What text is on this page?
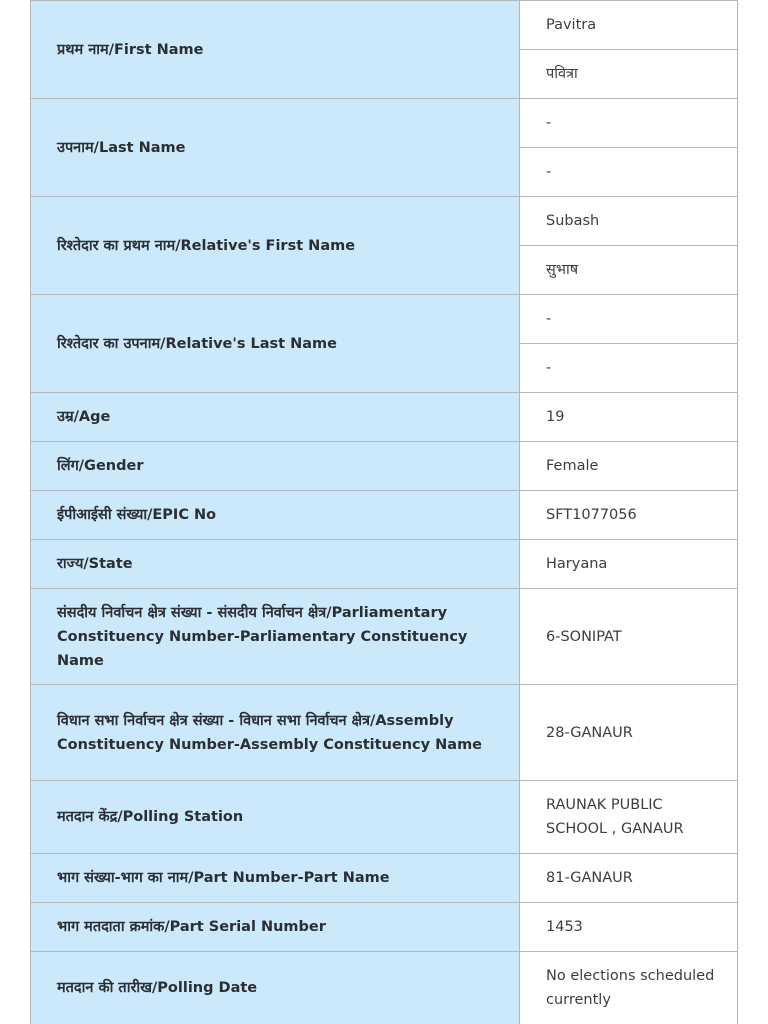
प्रथम नाम/First Name	Pavitra
	पवित्रा
उपनाम/Last Name	-
	-
रिश्तेदार का प्रथम नाम/Relative's First Name	Subash
	सुभाष
रिश्तेदार का उपनाम/Relative's Last Name	-
	-
उम्र/Age	19
लिंग/Gender	Female
ईपीआईसी संख्या/EPIC No	SFT1077056
राज्य/State	Haryana
संसदीय निर्वाचन क्षेत्र संख्या - संसदीय निर्वाचन क्षेत्र/Parliamentary Constituency Number-Parliamentary Constituency Name	6-SONIPAT
विधान सभा निर्वाचन क्षेत्र संख्या - विधान सभा निर्वाचन क्षेत्र/Assembly Constituency Number-Assembly Constituency Name	28-GANAUR
मतदान केंद्र/Polling Station	RAUNAK PUBLIC SCHOOL , GANAUR
भाग संख्या-भाग का नाम/Part Number-Part Name	81-GANAUR
भाग मतदाता क्रमांक/Part Serial Number	1453
मतदान की तारीख/Polling Date	No elections scheduled currently
